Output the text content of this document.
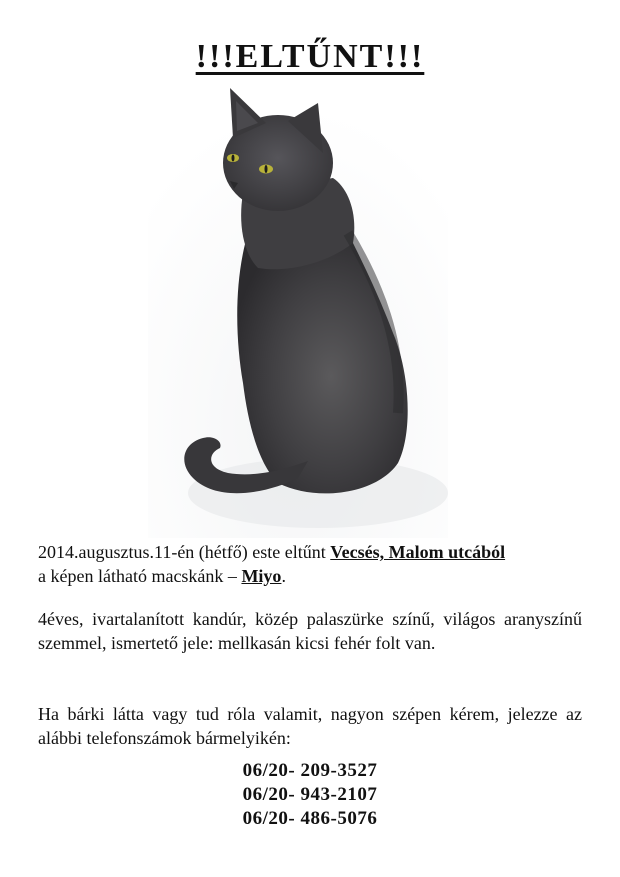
!!!ELTŰNT!!!
2014.augusztus.11-én (hétfő) este eltűnt Vecsés, Malom utcából
a képen látható macskánk – Miyo.
4éves, ivartalanított kandúr, közép palaszürke színű, világos aranyszínű szemmel, ismertető jele: mellkasán kicsi fehér folt van.
Ha bárki látta vagy tud róla valamit, nagyon szépen kérem, jelezze az alábbi telefonszámok bármelyikén:
06/20- 209-3527
06/20- 943-2107
06/20- 486-5076
